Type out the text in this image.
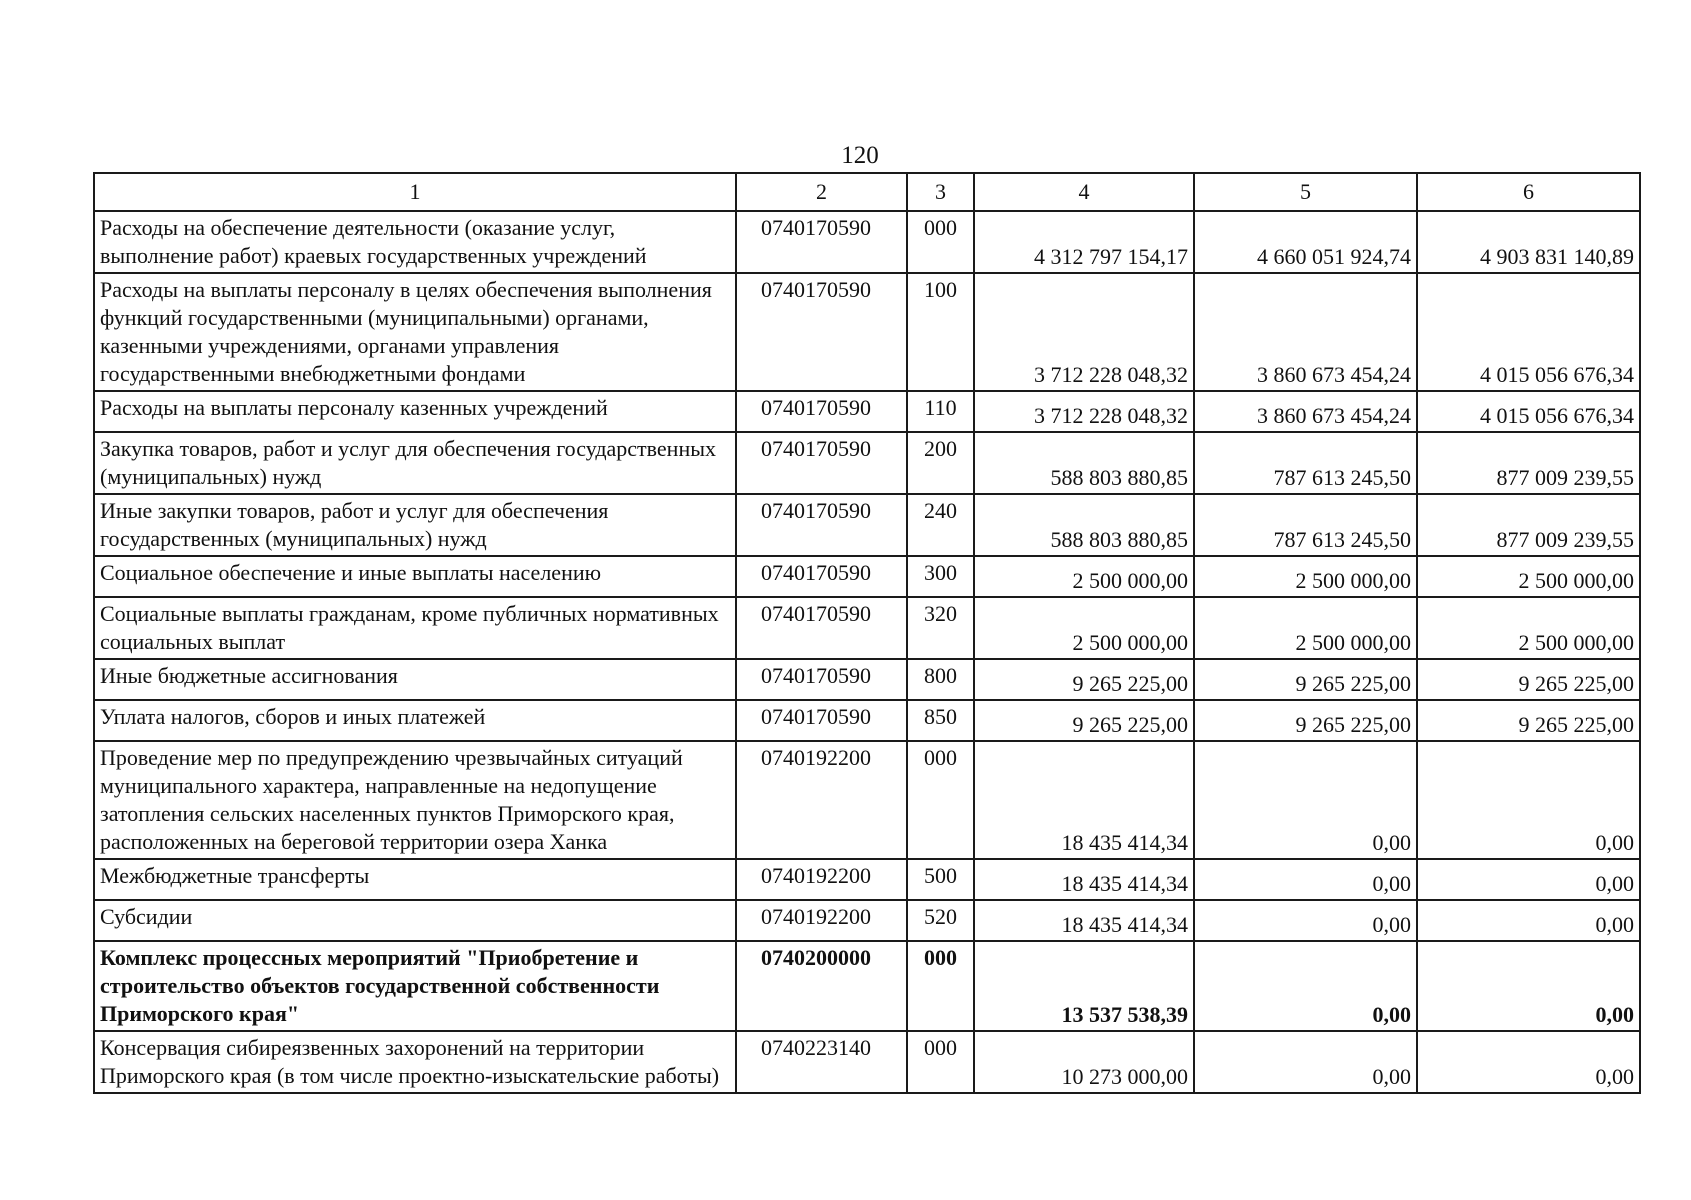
120
1	2	3	4	5	6
Расходы на обеспечение деятельности (оказание услуг, выполнение работ) краевых государственных учреждений	0740170590	000	4 312 797 154,17	4 660 051 924,74	4 903 831 140,89
Расходы на выплаты персоналу в целях обеспечения выполнения функций государственными (муниципальными) органами, казенными учреждениями, органами управления государственными внебюджетными фондами	0740170590	100	3 712 228 048,32	3 860 673 454,24	4 015 056 676,34
Расходы на выплаты персоналу казенных учреждений	0740170590	110	3 712 228 048,32	3 860 673 454,24	4 015 056 676,34
Закупка товаров, работ и услуг для обеспечения государственных (муниципальных) нужд	0740170590	200	588 803 880,85	787 613 245,50	877 009 239,55
Иные закупки товаров, работ и услуг для обеспечения государственных (муниципальных) нужд	0740170590	240	588 803 880,85	787 613 245,50	877 009 239,55
Социальное обеспечение и иные выплаты населению	0740170590	300	2 500 000,00	2 500 000,00	2 500 000,00
Социальные выплаты гражданам, кроме публичных нормативных социальных выплат	0740170590	320	2 500 000,00	2 500 000,00	2 500 000,00
Иные бюджетные ассигнования	0740170590	800	9 265 225,00	9 265 225,00	9 265 225,00
Уплата налогов, сборов и иных платежей	0740170590	850	9 265 225,00	9 265 225,00	9 265 225,00
Проведение мер по предупреждению чрезвычайных ситуаций муниципального характера, направленные на недопущение затопления сельских населенных пунктов Приморского края, расположенных на береговой территории озера Ханка	0740192200	000	18 435 414,34	0,00	0,00
Межбюджетные трансферты	0740192200	500	18 435 414,34	0,00	0,00
Субсидии	0740192200	520	18 435 414,34	0,00	0,00
Комплекс процессных мероприятий "Приобретение и строительство объектов государственной собственности Приморского края"	0740200000	000	13 537 538,39	0,00	0,00
Консервация сибиреязвенных захоронений на территории Приморского края (в том числе проектно-изыскательские работы)	0740223140	000	10 273 000,00	0,00	0,00
